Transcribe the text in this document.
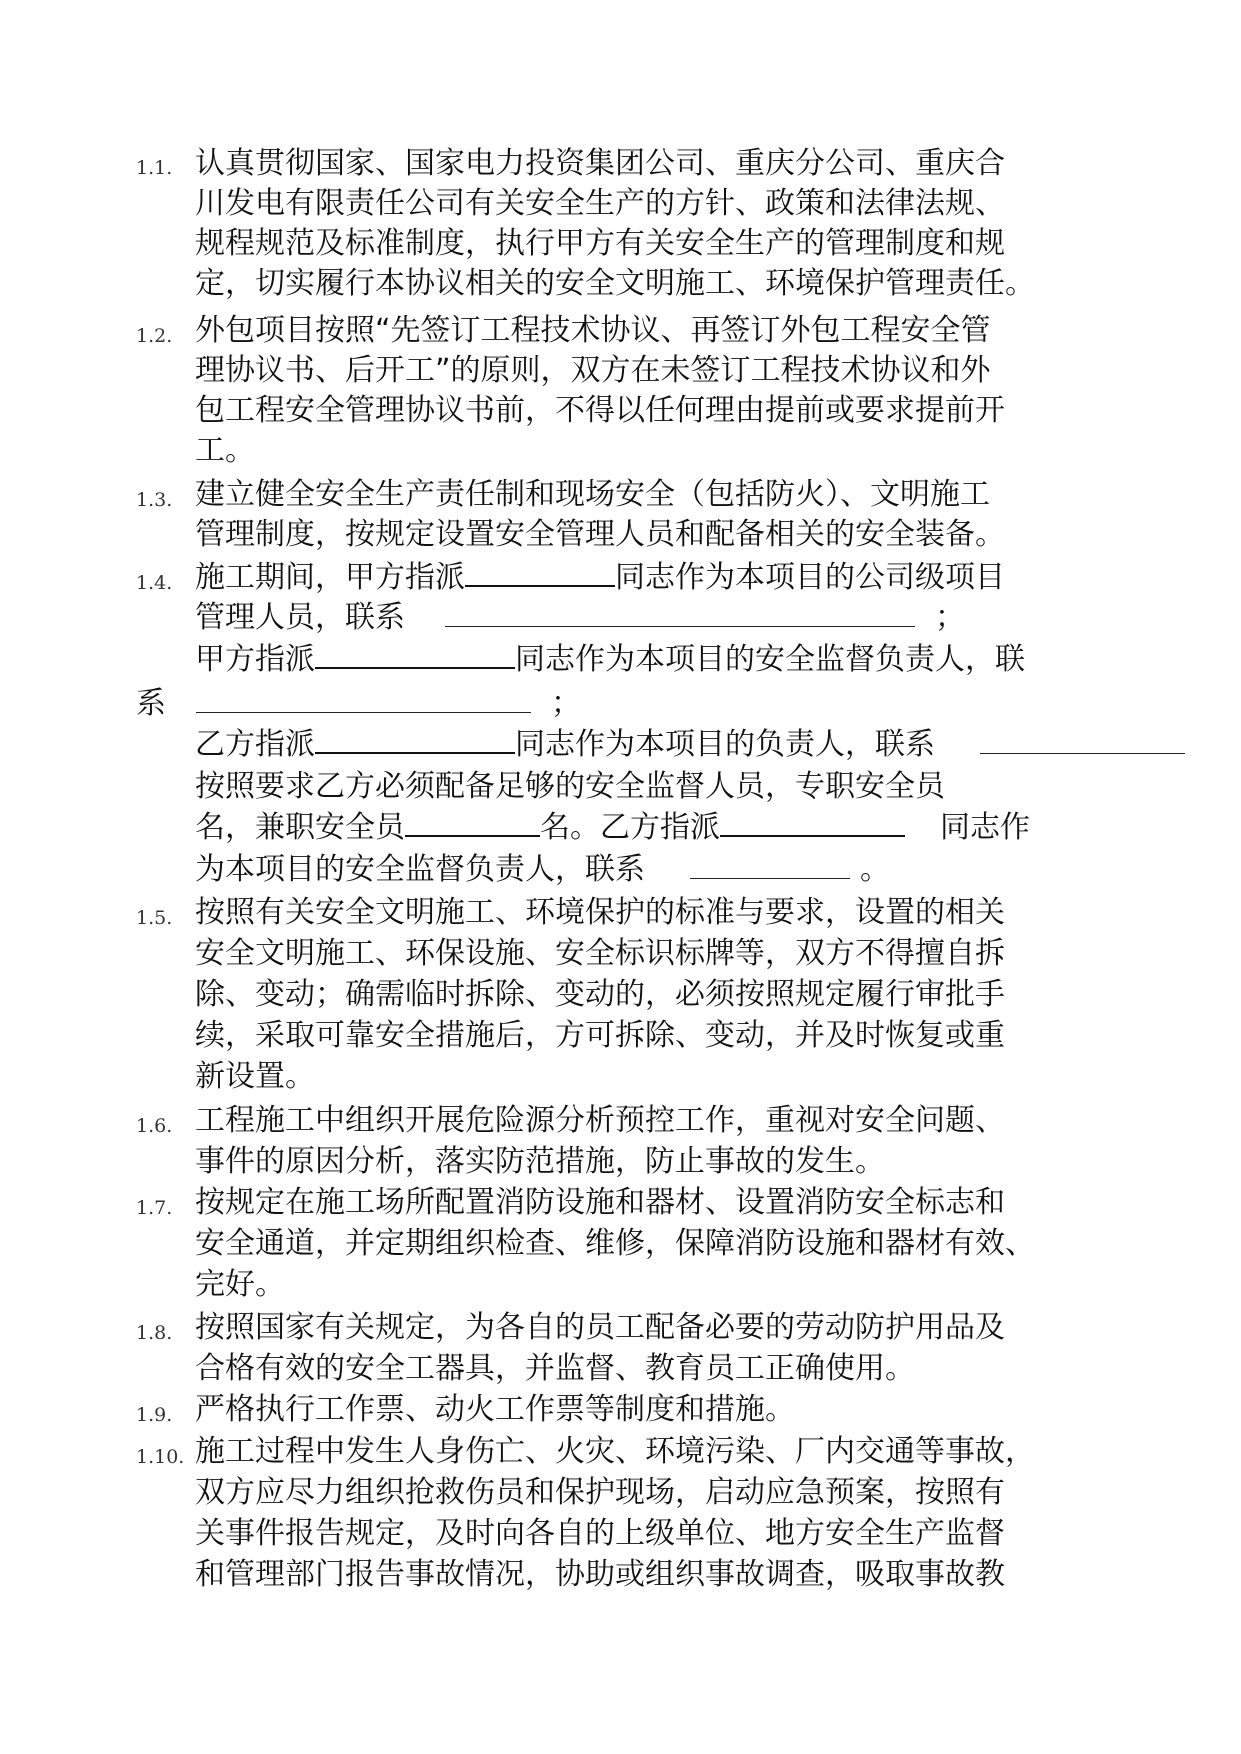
1.1. 认真贯彻国家、国家电力投资集团公司、重庆分公司、重庆合
川发电有限责任公司有关安全生产的方针、政策和法律法规、
规程规范及标准制度，执行甲方有关安全生产的管理制度和规
定，切实履行本协议相关的安全文明施工、环境保护管理责任。
1.2. 外包项目按照“先签订工程技术协议、再签订外包工程安全管
理协议书、后开工”的原则，双方在未签订工程技术协议和外
包工程安全管理协议书前，不得以任何理由提前或要求提前开
工。
1.3. 建立健全安全生产责任制和现场安全（包括防火）、文明施工
管理制度，按规定设置安全管理人员和配备相关的安全装备。
1.4. 施工期间，甲方指派	同志作为本项目的公司级项目
管理人员，联系	；
甲方指派	同志作为本项目的安全监督负责人，联
系	；
乙方指派	同志作为本项目的负责人，联系
按照要求乙方必须配备足够的安全监督人员，专职安全员
名，兼职安全员	名。乙方指派	同志作
为本项目的安全监督负责人，联系	。
1.5. 按照有关安全文明施工、环境保护的标准与要求，设置的相关
安全文明施工、环保设施、安全标识标牌等，双方不得擅自拆
除、变动；确需临时拆除、变动的，必须按照规定履行审批手
续，采取可靠安全措施后，方可拆除、变动，并及时恢复或重
新设置。
1.6. 工程施工中组织开展危险源分析预控工作，重视对安全问题、
事件的原因分析，落实防范措施，防止事故的发生。
1.7. 按规定在施工场所配置消防设施和器材、设置消防安全标志和
安全通道，并定期组织检查、维修，保障消防设施和器材有效、
完好。
1.8. 按照国家有关规定，为各自的员工配备必要的劳动防护用品及
合格有效的安全工器具，并监督、教育员工正确使用。
1.9. 严格执行工作票、动火工作票等制度和措施。
1.10. 施工过程中发生人身伤亡、火灾、环境污染、厂内交通等事故，
双方应尽力组织抢救伤员和保护现场，启动应急预案，按照有
关事件报告规定，及时向各自的上级单位、地方安全生产监督
和管理部门报告事故情况，协助或组织事故调查，吸取事故教
